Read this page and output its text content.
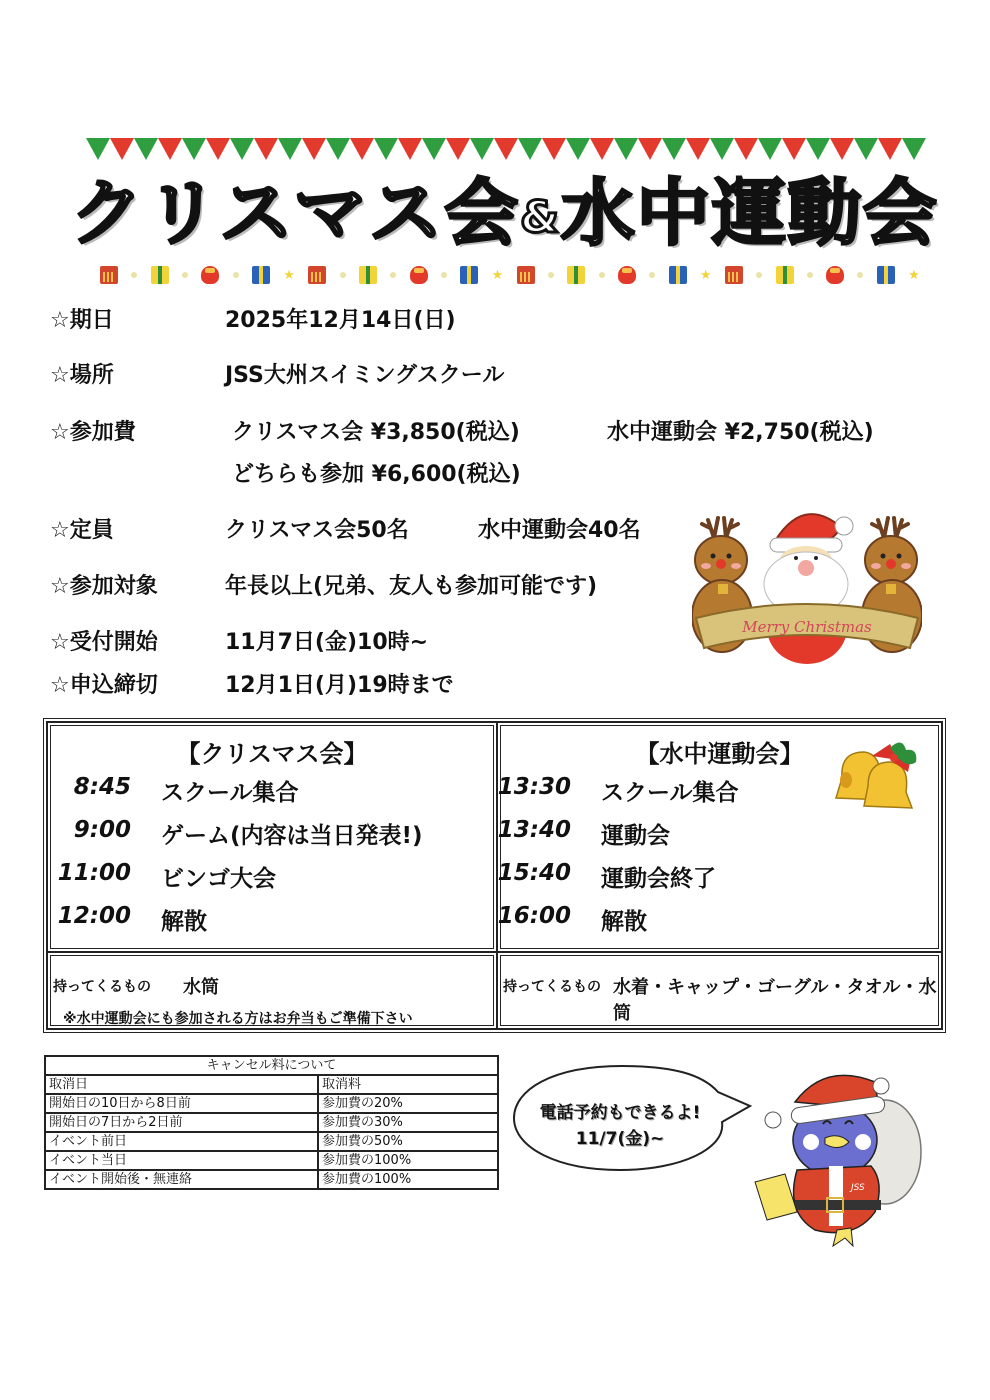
クリスマス会&水中運動会
★	★	★	★
☆期日	2025年12月14日(日)
☆場所	JSS大州スイミングスクール
☆参加費	クリスマス会 ¥3,850(税込)	水中運動会 ¥2,750(税込)
どちらも参加 ¥6,600(税込)
☆定員	クリスマス会50名	水中運動会40名
☆参加対象	年長以上(兄弟、友人も参加可能です)
☆受付開始	11月7日(金)10時~
☆申込締切	12月1日(月)19時まで
Merry Christmas
【クリスマス会】
8:45 スクール集合
9:00 ゲーム(内容は当日発表!)
11:00 ビンゴ大会
12:00 解散
【水中運動会】
13:30 スクール集合
13:40 運動会
15:40 運動会終了
16:00 解散
持ってくるもの 水筒
※水中運動会にも参加される方はお弁当もご準備下さい
持ってくるもの 水着・キャップ・ゴーグル・タオル・水筒
キャンセル料について	
取消日	取消料
開始日の10日から8日前	参加費の20%
開始日の7日から2日前	参加費の30%
イベント前日	参加費の50%
イベント当日	参加費の100%
イベント開始後・無連絡	参加費の100%
電話予約もできるよ!
11/7(金)~
JSS
